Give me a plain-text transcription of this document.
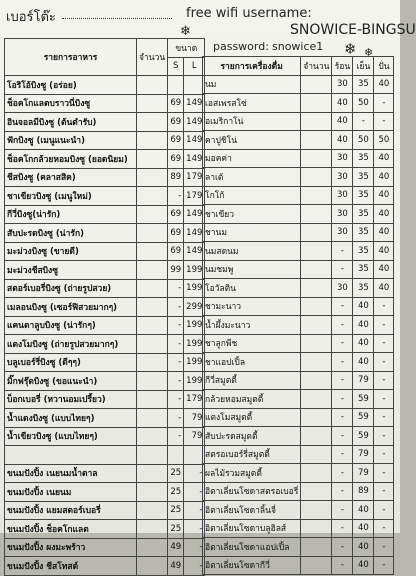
เบอร์โต๊ะ	free wifi username:
SNOWICE-BINGSU
password: snowice1
❄
❄ ❄
รายการอาหาร	จำนวน	ขนาด	
		S	L
โอริโอ้บิงซู (อร่อย)			
ช็อคโกแลตบราวนี่บิงซู		69	149
อินจอลมีบิงซู (ต้นตำรับ)		69	149
ฟักบิงซู (เมนูแนะนำ)		69	149
ช็อคโกกล้วยหอมบิงซู (ยอดนิยม)		69	149
ชีสบิงซู (คลาสสิค)		89	179
ชาเขียวบิงซู (เมนูใหม่)		-	179
กีวี่บิงซู(น่ารัก)		69	149
สับปะรดบิงซู (น่ารัก)		69	149
มะม่วงบิงซู (ขายดี)		69	149
มะม่วงชีสบิงซู		99	199
สตอร์เบอรี่บิงซู (ถ่ายรูปสวย)		-	199
เมลอนบิงซู (เซอร์ฟิสวยมากๆ)		-	299
แคนตาลูบบิงซู (น่ารักๆ)		-	199
แตงโมบิงซู (ถ่ายรูปสวยมากๆ)		-	199
บลูเบอร์รี่บิงซู (ดีๆๆ)		-	199
มิ๊กฟรุ๊ตบิงซู (ขอแนะนำ)		-	199
บ็อกเบอรี่ (หวานอมเปรี้ยว)		-	179
น้ำแดงบิงซู (แบบไทยๆ)		-	79
น้ำเขียวบิงซู (แบบไทยๆ)		-	79

ขนมปังปิ้ง เนยนมน้ำตาล		25	-
ขนมปังปิ้ง เนยนม		25	-
ขนมปังปิ้ง แยมสตอร์เบอรี่		25	-
ขนมปังปิ้ง ช็อคโกแลต		25	-
ขนมปังปิ้ง ผงมะพร้าว		49	-
ขนมปังปิ้ง ชีสโทสต์		49	-
รายการเครื่องดื่ม	จำนวน	ร้อน	เย็น	ปั่น
นม		30	35	40
เอสเพรสโซ่		40	50	-
อเมริกาโน่		40	-	-
คาปูชิโน่		40	50	50
มอคค่า		30	35	40
ลาเต้		30	35	40
โกโก้		30	35	40
ชาเขียว		30	35	40
ชานม		30	35	40
นมสดนม		-	35	40
นมชมพู		-	35	40
โอวัลติน		30	35	40
ชามะนาว		-	40	-
น้ำผึ้งมะนาว		-	40	-
ชาลูกพีช		-	40	-
ชาแอปเปิ้ล		-	40	-
กีวี่สมูตตี้		-	79	-
กล้วยหอมสมูตตี้		-	59	-
แตงโมสมูตตี้		-	59	-
สับปะรดสมูตตี้		-	59	-
สตรอเบอร์รี่สมูตตี้		-	79	-
ผลไม้รวมสมูตตี้		-	79	-
อิตาเลี่ยนโซดาสตรอเบอรี่		-	89	-
อิตาเลี่ยนโซดาลิ้นจี่		-	40	-
อิตาเลี่ยนโซดาบลูฮิลส์		-	40	-
อิตาเลี่ยนโซดาแอปเปิ้ล		-	40	-
อิตาเลี่ยนโซดากีวี่		-	40	-
